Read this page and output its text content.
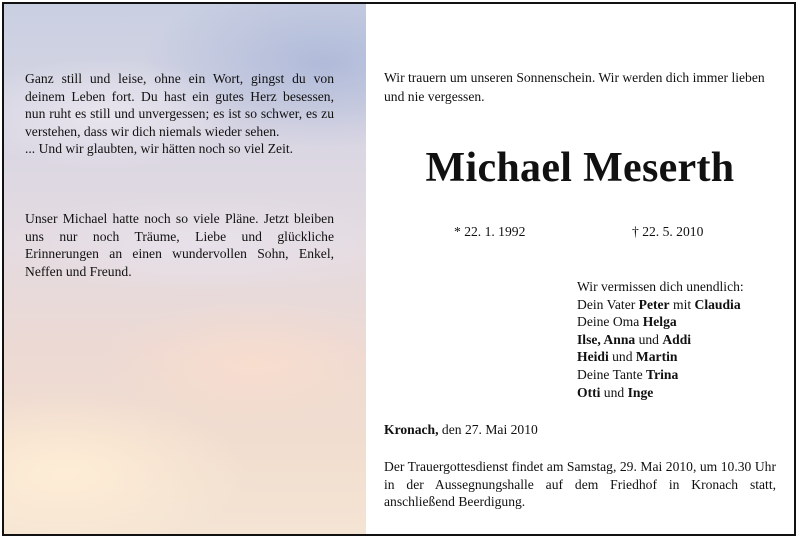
Ganz still und leise, ohne ein Wort, gingst du von deinem Leben fort. Du hast ein gutes Herz besessen, nun ruht es still und unvergessen; es ist so schwer, es zu verstehen, dass wir dich niemals wieder sehen.

... Und wir glaubten, wir hätten noch so viel Zeit.

Unser Michael hatte noch so viele Pläne. Jetzt bleiben uns nur noch Träume, Liebe und glückliche Erinnerungen an einen wundervollen Sohn, Enkel, Neffen und Freund.

Wir trauern um unseren Sonnenschein. Wir werden dich immer lieben und nie vergessen.
Michael Meserth
* 22. 1. 1992	† 22. 5. 2010
Wir vermissen dich unendlich:
Dein Vater Peter mit Claudia
Deine Oma Helga
Ilse, Anna und Addi
Heidi und Martin
Deine Tante Trina
Otti und Inge
Kronach, den 27. Mai 2010
Der Trauergottesdienst findet am Samstag, 29. Mai 2010, um 10.30 Uhr in der Aussegnungshalle auf dem Friedhof in Kronach statt, anschließend Beerdigung.
